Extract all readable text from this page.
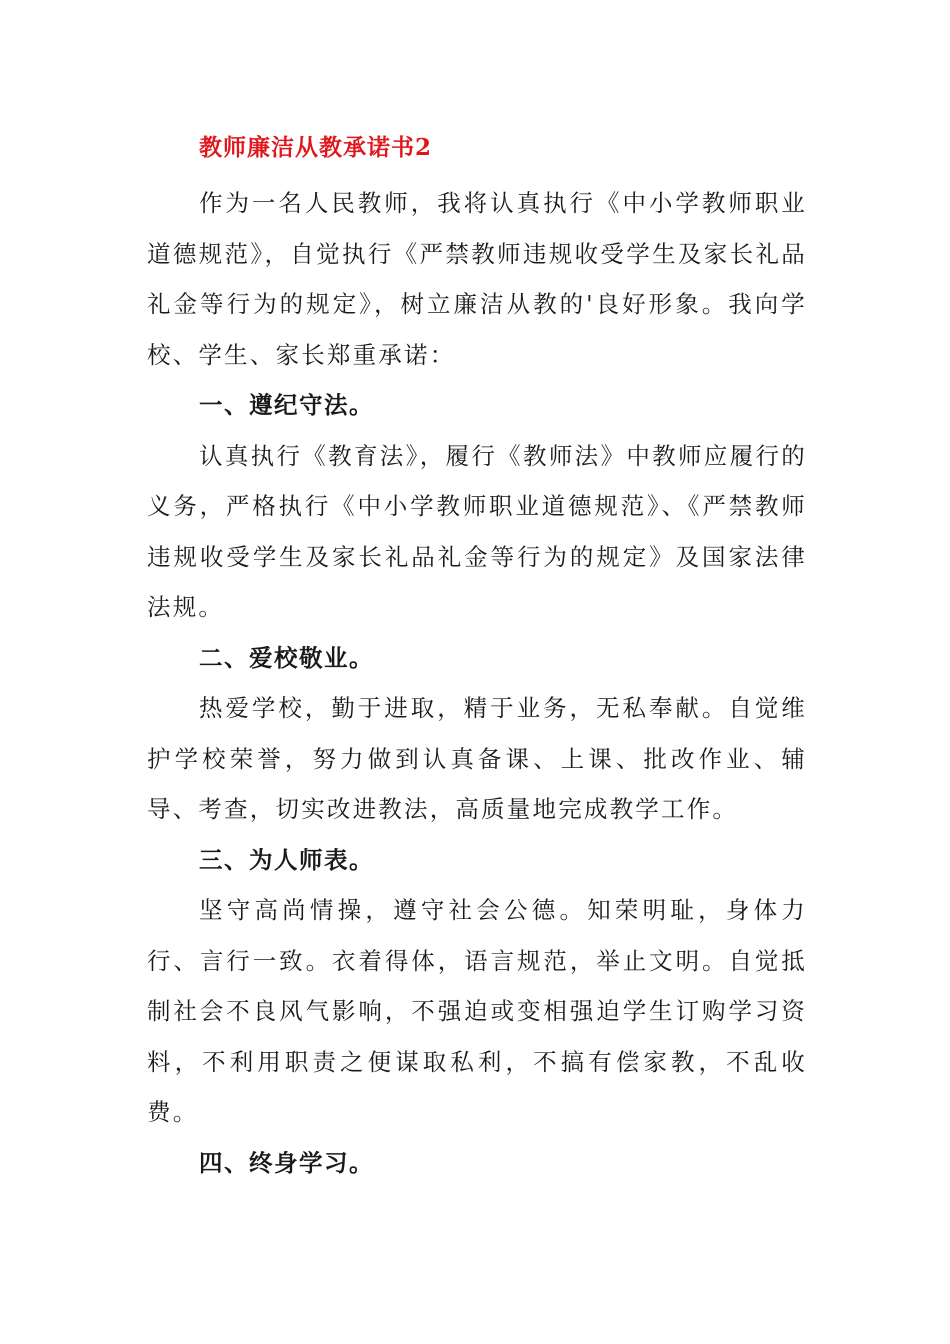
教师廉洁从教承诺书2

作为一名人民教师，我将认真执行《中小学教师职业道德规范》，自觉执行《严禁教师违规收受学生及家长礼品礼金等行为的规定》，树立廉洁从教的'良好形象。我向学校、学生、家长郑重承诺：

一、遵纪守法。

认真执行《教育法》，履行《教师法》中教师应履行的义务，严格执行《中小学教师职业道德规范》、《严禁教师违规收受学生及家长礼品礼金等行为的规定》及国家法律法规。

二、爱校敬业。

热爱学校，勤于进取，精于业务，无私奉献。自觉维护学校荣誉，努力做到认真备课、上课、批改作业、辅导、考查，切实改进教法，高质量地完成教学工作。

三、为人师表。

坚守高尚情操，遵守社会公德。知荣明耻，身体力行、言行一致。衣着得体，语言规范，举止文明。自觉抵制社会不良风气影响，不强迫或变相强迫学生订购学习资料，不利用职责之便谋取私利，不搞有偿家教，不乱收费。

四、终身学习。
